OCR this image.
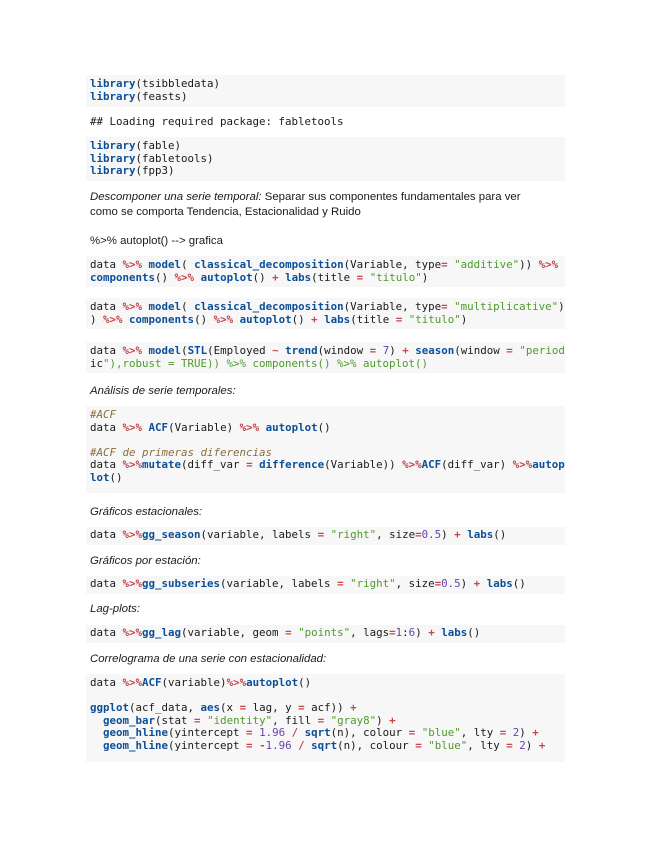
library(tsibbledata)
library(feasts)
## Loading required package: fabletools
library(fable)
library(fabletools)
library(fpp3)
Descomponer una serie temporal: Separar sus componentes fundamentales para ver
como se comporta Tendencia, Estacionalidad y Ruido
%>% autoplot() --> grafica
data %>% model( classical_decomposition(Variable, type= "additive")) %>%
components() %>% autoplot() + labs(title = "titulo")
data %>% model( classical_decomposition(Variable, type= "multiplicative")
) %>% components() %>% autoplot() + labs(title = "titulo")
data %>% model(STL(Employed ~ trend(window = 7) + season(window = "period
ic"),robust = TRUE)) %>% components() %>% autoplot()
Análisis de serie temporales:
#ACF
data %>% ACF(Variable) %>% autoplot()

#ACF de primeras diferencias
data %>%mutate(diff_var = difference(Variable)) %>%ACF(diff_var) %>%autop
lot()
Gráficos estacionales:
data %>%gg_season(variable, labels = "right", size=0.5) + labs()
Gráficos por estación:
data %>%gg_subseries(variable, labels = "right", size=0.5) + labs()
Lag-plots:
data %>%gg_lag(variable, geom = "points", lags=1:6) + labs()
Correlograma de una serie con estacionalidad:
data %>%ACF(variable)%>%autoplot()

ggplot(acf_data, aes(x = lag, y = acf)) +
geom_bar(stat = "identity", fill = "gray8") +
geom_hline(yintercept = 1.96 / sqrt(n), colour = "blue", lty = 2) +
geom_hline(yintercept = -1.96 / sqrt(n), colour = "blue", lty = 2) +
